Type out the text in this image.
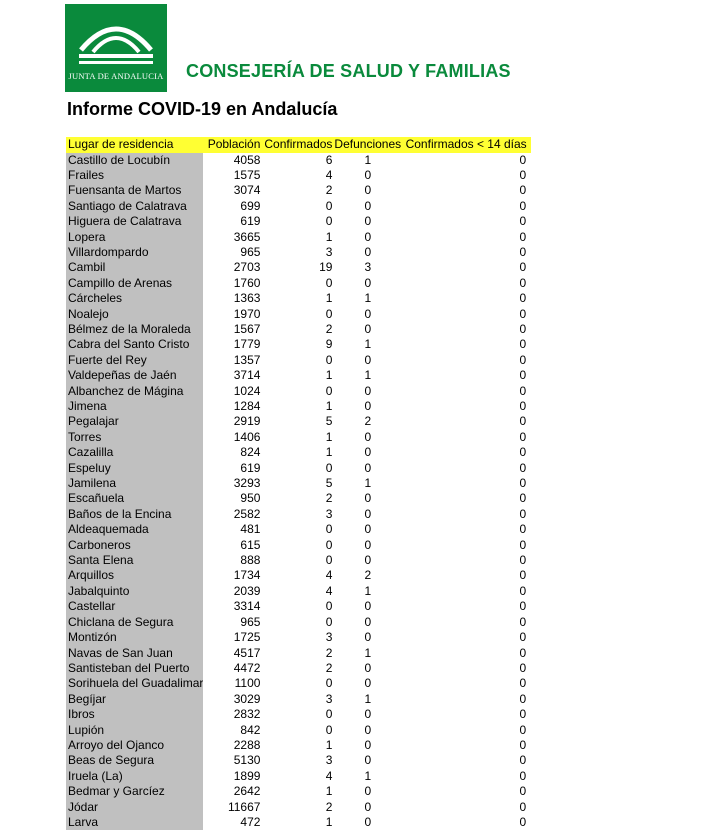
JUNTA DE ANDALUCIA CONSEJERÍA DE SALUD Y FAMILIAS
Informe COVID-19 en Andalucía
Lugar de residencia	Población	Confirmados	Defunciones	Confirmados < 14 días
Castillo de Locubín	4058	6	1	0
Frailes	1575	4	0	0
Fuensanta de Martos	3074	2	0	0
Santiago de Calatrava	699	0	0	0
Higuera de Calatrava	619	0	0	0
Lopera	3665	1	0	0
Villardompardo	965	3	0	0
Cambil	2703	19	3	0
Campillo de Arenas	1760	0	0	0
Cárcheles	1363	1	1	0
Noalejo	1970	0	0	0
Bélmez de la Moraleda	1567	2	0	0
Cabra del Santo Cristo	1779	9	1	0
Fuerte del Rey	1357	0	0	0
Valdepeñas de Jaén	3714	1	1	0
Albanchez de Mágina	1024	0	0	0
Jimena	1284	1	0	0
Pegalajar	2919	5	2	0
Torres	1406	1	0	0
Cazalilla	824	1	0	0
Espeluy	619	0	0	0
Jamilena	3293	5	1	0
Escañuela	950	2	0	0
Baños de la Encina	2582	3	0	0
Aldeaquemada	481	0	0	0
Carboneros	615	0	0	0
Santa Elena	888	0	0	0
Arquillos	1734	4	2	0
Jabalquinto	2039	4	1	0
Castellar	3314	0	0	0
Chiclana de Segura	965	0	0	0
Montizón	1725	3	0	0
Navas de San Juan	4517	2	1	0
Santisteban del Puerto	4472	2	0	0
Sorihuela del Guadalimar	1100	0	0	0
Begíjar	3029	3	1	0
Ibros	2832	0	0	0
Lupión	842	0	0	0
Arroyo del Ojanco	2288	1	0	0
Beas de Segura	5130	3	0	0
Iruela (La)	1899	4	1	0
Bedmar y Garcíez	2642	1	0	0
Jódar	11667	2	0	0
Larva	472	1	0	0
